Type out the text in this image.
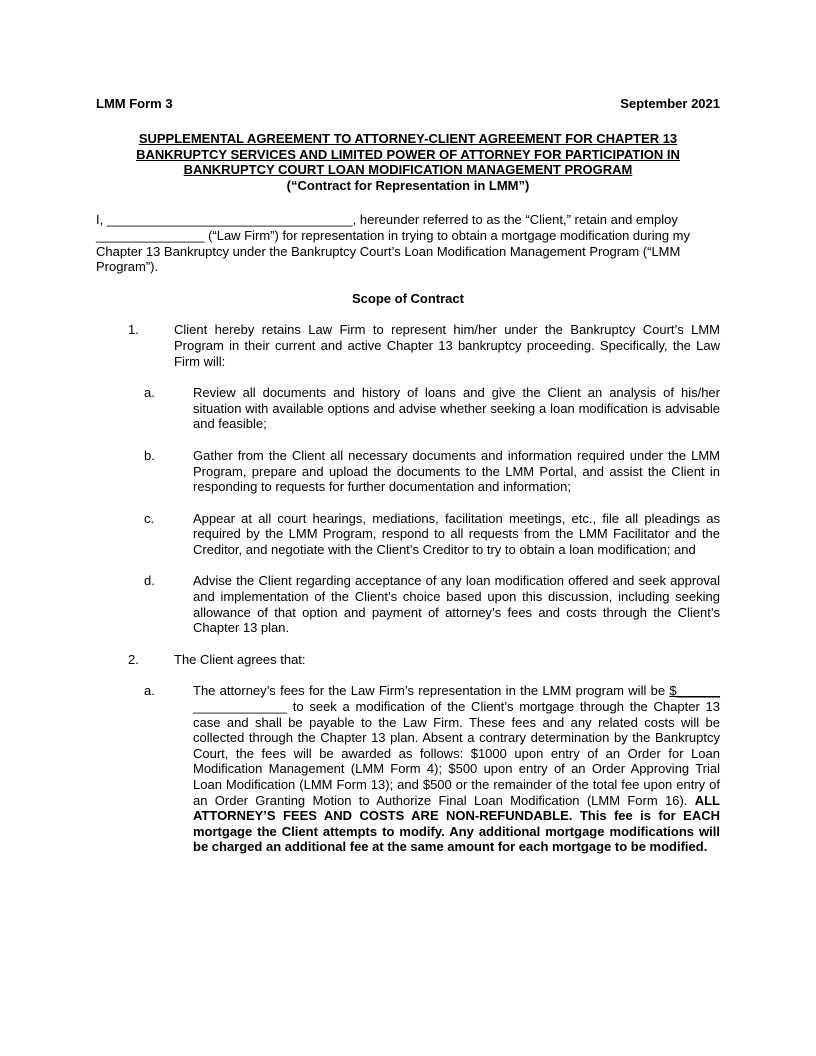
LMM Form 3	September 2021
SUPPLEMENTAL AGREEMENT TO ATTORNEY-CLIENT AGREEMENT FOR CHAPTER 13
BANKRUPTCY SERVICES AND LIMITED POWER OF ATTORNEY FOR PARTICIPATION IN
BANKRUPTCY COURT LOAN MODIFICATION MANAGEMENT PROGRAM
(“Contract for Representation in LMM”)
I, __________________________________, hereunder referred to as the “Client,” retain and employ _______________ (“Law Firm”) for representation in trying to obtain a mortgage modification during my Chapter 13 Bankruptcy under the Bankruptcy Court’s Loan Modification Management Program (“LMM Program”).
Scope of Contract
1.	Client hereby retains Law Firm to represent him/her under the Bankruptcy Court’s LMM Program in their current and active Chapter 13 bankruptcy proceeding. Specifically, the Law Firm will:
a.	Review all documents and history of loans and give the Client an analysis of his/her situation with available options and advise whether seeking a loan modification is advisable and feasible;
b.	Gather from the Client all necessary documents and information required under the LMM Program, prepare and upload the documents to the LMM Portal, and assist the Client in responding to requests for further documentation and information;
c.	Appear at all court hearings, mediations, facilitation meetings, etc., file all pleadings as required by the LMM Program, respond to all requests from the LMM Facilitator and the Creditor, and negotiate with the Client’s Creditor to try to obtain a loan modification; and
d.	Advise the Client regarding acceptance of any loan modification offered and seek approval and implementation of the Client’s choice based upon this discussion, including seeking allowance of that option and payment of attorney’s fees and costs through the Client’s Chapter 13 plan.
2.	The Client agrees that:
a.	The attorney’s fees for the Law Firm’s representation in the LMM program will be $______ _____________ to seek a modification of the Client’s mortgage through the Chapter 13 case and shall be payable to the Law Firm. These fees and any related costs will be collected through the Chapter 13 plan. Absent a contrary determination by the Bankruptcy Court, the fees will be awarded as follows: $1000 upon entry of an Order for Loan Modification Management (LMM Form 4); $500 upon entry of an Order Approving Trial Loan Modification (LMM Form 13); and $500 or the remainder of the total fee upon entry of an Order Granting Motion to Authorize Final Loan Modification (LMM Form 16). ALL ATTORNEY’S FEES AND COSTS ARE NON-REFUNDABLE. This fee is for EACH mortgage the Client attempts to modify. Any additional mortgage modifications will be charged an additional fee at the same amount for each mortgage to be modified.
